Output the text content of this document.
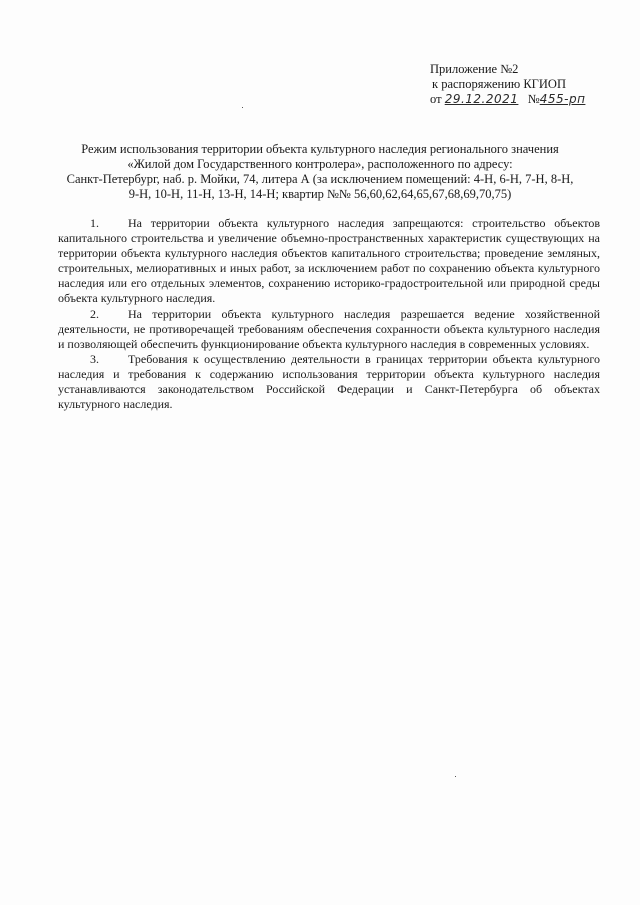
Приложение №2
к распоряжению КГИОП
от 29.12.2021 №455-рп
Режим использования территории объекта культурного наследия регионального значения
«Жилой дом Государственного контролера», расположенного по адресу:
Санкт-Петербург, наб. р. Мойки, 74, литера А (за исключением помещений: 4-Н, 6-Н, 7-Н, 8-Н,
9-Н, 10-Н, 11-Н, 13-Н, 14-Н; квартир №№ 56,60,62,64,65,67,68,69,70,75)

1. На территории объекта культурного наследия запрещаются: строительство объектов капитального строительства и увеличение объемно-пространственных характеристик существующих на территории объекта культурного наследия объектов капитального строительства; проведение земляных, строительных, мелиоративных и иных работ, за исключением работ по сохранению объекта культурного наследия или его отдельных элементов, сохранению историко-градостроительной или природной среды объекта культурного наследия.

2. На территории объекта культурного наследия разрешается ведение хозяйственной деятельности, не противоречащей требованиям обеспечения сохранности объекта культурного наследия и позволяющей обеспечить функционирование объекта культурного наследия в современных условиях.

3. Требования к осуществлению деятельности в границах территории объекта культурного наследия и требования к содержанию использования территории объекта культурного наследия устанавливаются законодательством Российской Федерации и Санкт-Петербурга об объектах культурного наследия.
